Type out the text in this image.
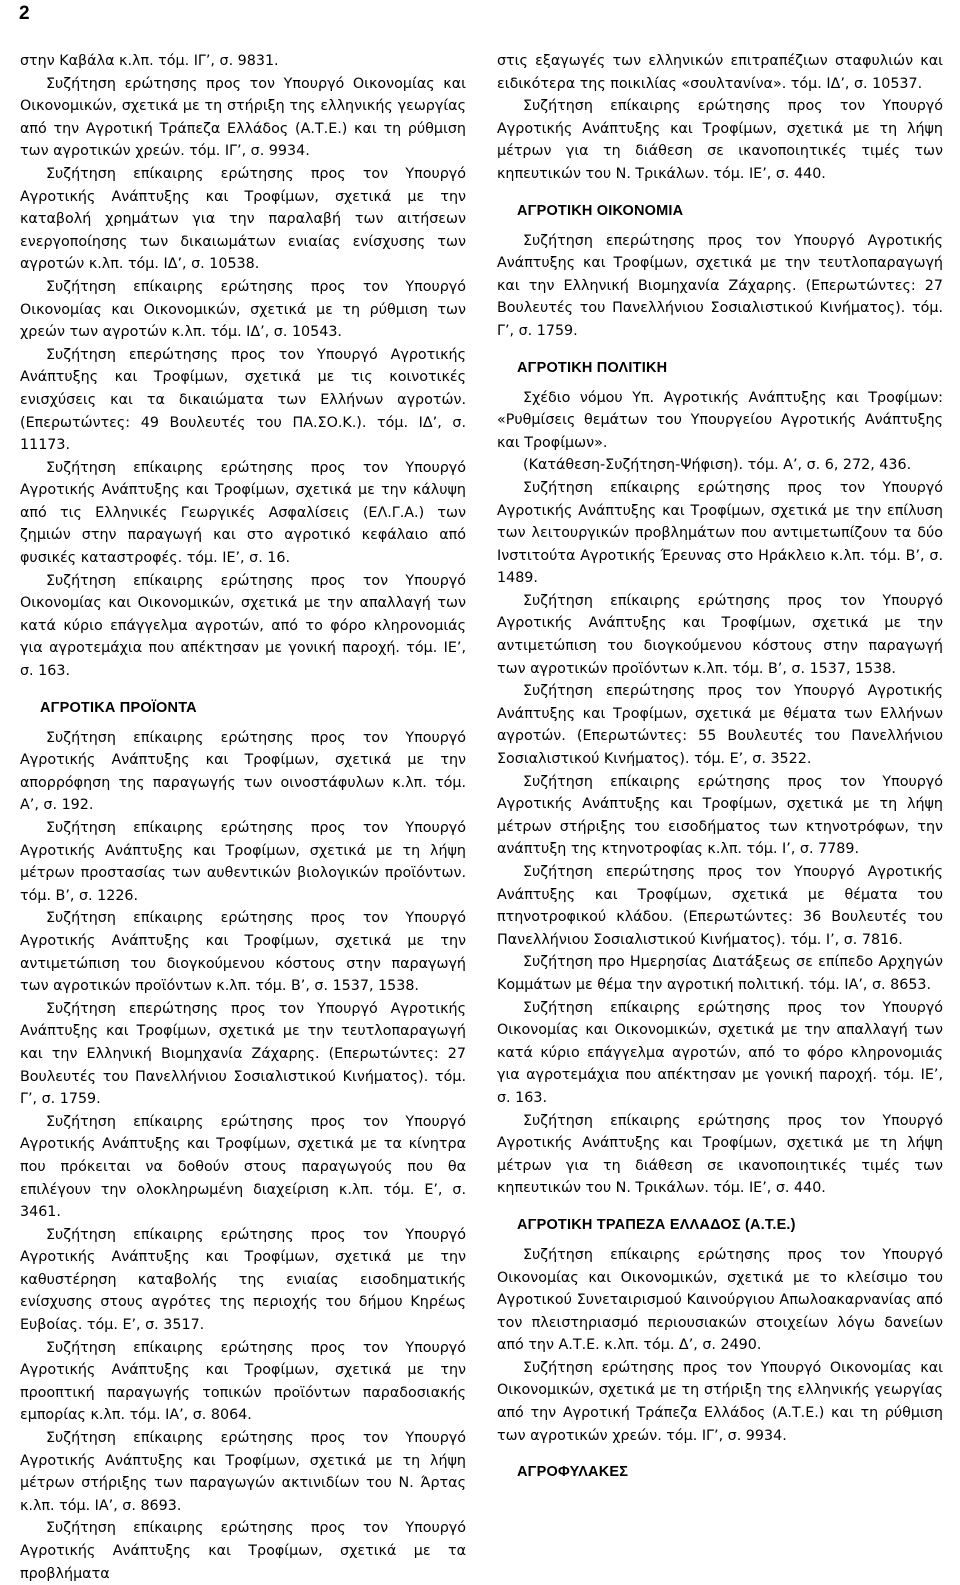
2

στην Καβάλα κ.λπ. τόμ. ΙΓ’, σ. 9831.

Συζήτηση ερώτησης προς τον Υπουργό Οικονομίας και Οικονομικών, σχετικά με τη στήριξη της ελληνικής γεωργίας από την Αγροτική Τράπεζα Ελλάδος (Α.Τ.Ε.) και τη ρύθμιση των αγροτικών χρεών. τόμ. ΙΓ’, σ. 9934.

Συζήτηση επίκαιρης ερώτησης προς τον Υπουργό Αγροτικής Ανάπτυξης και Τροφίμων, σχετικά με την καταβολή χρημάτων για την παραλαβή των αιτήσεων ενεργοποίησης των δικαιωμάτων ενιαίας ενίσχυσης των αγροτών κ.λπ. τόμ. ΙΔ’, σ. 10538.

Συζήτηση επίκαιρης ερώτησης προς τον Υπουργό Οικονομίας και Οικονομικών, σχετικά με τη ρύθμιση των χρεών των αγροτών κ.λπ. τόμ. ΙΔ’, σ. 10543.

Συζήτηση επερώτησης προς τον Υπουργό Αγροτικής Ανάπτυξης και Τροφίμων, σχετικά με τις κοινοτικές ενισχύσεις και τα δικαιώματα των Ελλήνων αγροτών. (Επερωτώντες: 49 Βουλευτές του ΠΑ.ΣΟ.Κ.). τόμ. ΙΔ’, σ. 11173.

Συζήτηση επίκαιρης ερώτησης προς τον Υπουργό Αγροτικής Ανάπτυξης και Τροφίμων, σχετικά με την κάλυψη από τις Ελληνικές Γεωργικές Ασφαλίσεις (ΕΛ.Γ.Α.) των ζημιών στην παραγωγή και στο αγροτικό κεφάλαιο από φυσικές καταστροφές. τόμ. ΙΕ’, σ. 16.

Συζήτηση επίκαιρης ερώτησης προς τον Υπουργό Οικονομίας και Οικονομικών, σχετικά με την απαλλαγή των κατά κύριο επάγγελμα αγροτών, από το φόρο κληρονομιάς για αγροτεμάχια που απέκτησαν με γονική παροχή. τόμ. ΙΕ’, σ. 163.

ΑΓΡΟΤΙΚΑ ΠΡΟΪΟΝΤΑ

Συζήτηση επίκαιρης ερώτησης προς τον Υπουργό Αγροτικής Ανάπτυξης και Τροφίμων, σχετικά με την απορρόφηση της παραγωγής των οινοστάφυλων κ.λπ. τόμ. Α’, σ. 192.

Συζήτηση επίκαιρης ερώτησης προς τον Υπουργό Αγροτικής Ανάπτυξης και Τροφίμων, σχετικά με τη λήψη μέτρων προστασίας των αυθεντικών βιολογικών προϊόντων. τόμ. Β’, σ. 1226.

Συζήτηση επίκαιρης ερώτησης προς τον Υπουργό Αγροτικής Ανάπτυξης και Τροφίμων, σχετικά με την αντιμετώπιση του διογκούμενου κόστους στην παραγωγή των αγροτικών προϊόντων κ.λπ. τόμ. Β’, σ. 1537, 1538.

Συζήτηση επερώτησης προς τον Υπουργό Αγροτικής Ανάπτυξης και Τροφίμων, σχετικά με την τευτλοπαραγωγή και την Ελληνική Βιομηχανία Ζάχαρης. (Επερωτώντες: 27 Βουλευτές του Πανελλήνιου Σοσιαλιστικού Κινήματος). τόμ. Γ’, σ. 1759.

Συζήτηση επίκαιρης ερώτησης προς τον Υπουργό Αγροτικής Ανάπτυξης και Τροφίμων, σχετικά με τα κίνητρα που πρόκειται να δοθούν στους παραγωγούς που θα επιλέγουν την ολοκληρωμένη διαχείριση κ.λπ. τόμ. Ε’, σ. 3461.

Συζήτηση επίκαιρης ερώτησης προς τον Υπουργό Αγροτικής Ανάπτυξης και Τροφίμων, σχετικά με την καθυστέρηση καταβολής της ενιαίας εισοδηματικής ενίσχυσης στους αγρότες της περιοχής του δήμου Κηρέως Ευβοίας. τόμ. Ε’, σ. 3517.

Συζήτηση επίκαιρης ερώτησης προς τον Υπουργό Αγροτικής Ανάπτυξης και Τροφίμων, σχετικά με την προοπτική παραγωγής τοπικών προϊόντων παραδοσιακής εμπορίας κ.λπ. τόμ. ΙΑ’, σ. 8064.

Συζήτηση επίκαιρης ερώτησης προς τον Υπουργό Αγροτικής Ανάπτυξης και Τροφίμων, σχετικά με τη λήψη μέτρων στήριξης των παραγωγών ακτινιδίων του Ν. Άρτας κ.λπ. τόμ. ΙΑ’, σ. 8693.

Συζήτηση επίκαιρης ερώτησης προς τον Υπουργό Αγροτικής Ανάπτυξης και Τροφίμων, σχετικά με τα προβλήματα

στις εξαγωγές των ελληνικών επιτραπέζιων σταφυλιών και ειδικότερα της ποικιλίας «σουλτανίνα». τόμ. ΙΔ’, σ. 10537.

Συζήτηση επίκαιρης ερώτησης προς τον Υπουργό Αγροτικής Ανάπτυξης και Τροφίμων, σχετικά με τη λήψη μέτρων για τη διάθεση σε ικανοποιητικές τιμές των κηπευτικών του Ν. Τρικάλων. τόμ. ΙΕ’, σ. 440.

ΑΓΡΟΤΙΚΗ ΟΙΚΟΝΟΜΙΑ

Συζήτηση επερώτησης προς τον Υπουργό Αγροτικής Ανάπτυξης και Τροφίμων, σχετικά με την τευτλοπαραγωγή και την Ελληνική Βιομηχανία Ζάχαρης. (Επερωτώντες: 27 Βουλευτές του Πανελλήνιου Σοσιαλιστικού Κινήματος). τόμ. Γ’, σ. 1759.

ΑΓΡΟΤΙΚΗ ΠΟΛΙΤΙΚΗ

Σχέδιο νόμου Υπ. Αγροτικής Ανάπτυξης και Τροφίμων: «Ρυθμίσεις θεμάτων του Υπουργείου Αγροτικής Ανάπτυξης και Τροφίμων».

(Κατάθεση-Συζήτηση-Ψήφιση). τόμ. Α’, σ. 6, 272, 436.

Συζήτηση επίκαιρης ερώτησης προς τον Υπουργό Αγροτικής Ανάπτυξης και Τροφίμων, σχετικά με την επίλυση των λειτουργικών προβλημάτων που αντιμετωπίζουν τα δύο Ινστιτούτα Αγροτικής Έρευνας στο Ηράκλειο κ.λπ. τόμ. Β’, σ. 1489.

Συζήτηση επίκαιρης ερώτησης προς τον Υπουργό Αγροτικής Ανάπτυξης και Τροφίμων, σχετικά με την αντιμετώπιση του διογκούμενου κόστους στην παραγωγή των αγροτικών προϊόντων κ.λπ. τόμ. Β’, σ. 1537, 1538.

Συζήτηση επερώτησης προς τον Υπουργό Αγροτικής Ανάπτυξης και Τροφίμων, σχετικά με θέματα των Ελλήνων αγροτών. (Επερωτώντες: 55 Βουλευτές του Πανελλήνιου Σοσιαλιστικού Κινήματος). τόμ. Ε’, σ. 3522.

Συζήτηση επίκαιρης ερώτησης προς τον Υπουργό Αγροτικής Ανάπτυξης και Τροφίμων, σχετικά με τη λήψη μέτρων στήριξης του εισοδήματος των κτηνοτρόφων, την ανάπτυξη της κτηνοτροφίας κ.λπ. τόμ. Ι’, σ. 7789.

Συζήτηση επερώτησης προς τον Υπουργό Αγροτικής Ανάπτυξης και Τροφίμων, σχετικά με θέματα του πτηνοτροφικού κλάδου. (Επερωτώντες: 36 Βουλευτές του Πανελλήνιου Σοσιαλιστικού Κινήματος). τόμ. Ι’, σ. 7816.

Συζήτηση προ Ημερησίας Διατάξεως σε επίπεδο Αρχηγών Κομμάτων με θέμα την αγροτική πολιτική. τόμ. ΙΑ’, σ. 8653.

Συζήτηση επίκαιρης ερώτησης προς τον Υπουργό Οικονομίας και Οικονομικών, σχετικά με την απαλλαγή των κατά κύριο επάγγελμα αγροτών, από το φόρο κληρονομιάς για αγροτεμάχια που απέκτησαν με γονική παροχή. τόμ. ΙΕ’, σ. 163.

Συζήτηση επίκαιρης ερώτησης προς τον Υπουργό Αγροτικής Ανάπτυξης και Τροφίμων, σχετικά με τη λήψη μέτρων για τη διάθεση σε ικανοποιητικές τιμές των κηπευτικών του Ν. Τρικάλων. τόμ. ΙΕ’, σ. 440.

ΑΓΡΟΤΙΚΗ ΤΡΑΠΕΖΑ ΕΛΛΑΔΟΣ (Α.Τ.Ε.)

Συζήτηση επίκαιρης ερώτησης προς τον Υπουργό Οικονομίας και Οικονομικών, σχετικά με το κλείσιμο του Αγροτικού Συνεταιρισμού Καινούργιου Απωλοακαρνανίας από τον πλειστηριασμό περιουσιακών στοιχείων λόγω δανείων από την Α.Τ.Ε. κ.λπ. τόμ. Δ’, σ. 2490.

Συζήτηση ερώτησης προς τον Υπουργό Οικονομίας και Οικονομικών, σχετικά με τη στήριξη της ελληνικής γεωργίας από την Αγροτική Τράπεζα Ελλάδος (Α.Τ.Ε.) και τη ρύθμιση των αγροτικών χρεών. τόμ. ΙΓ’, σ. 9934.

ΑΓΡΟΦΥΛΑΚΕΣ
